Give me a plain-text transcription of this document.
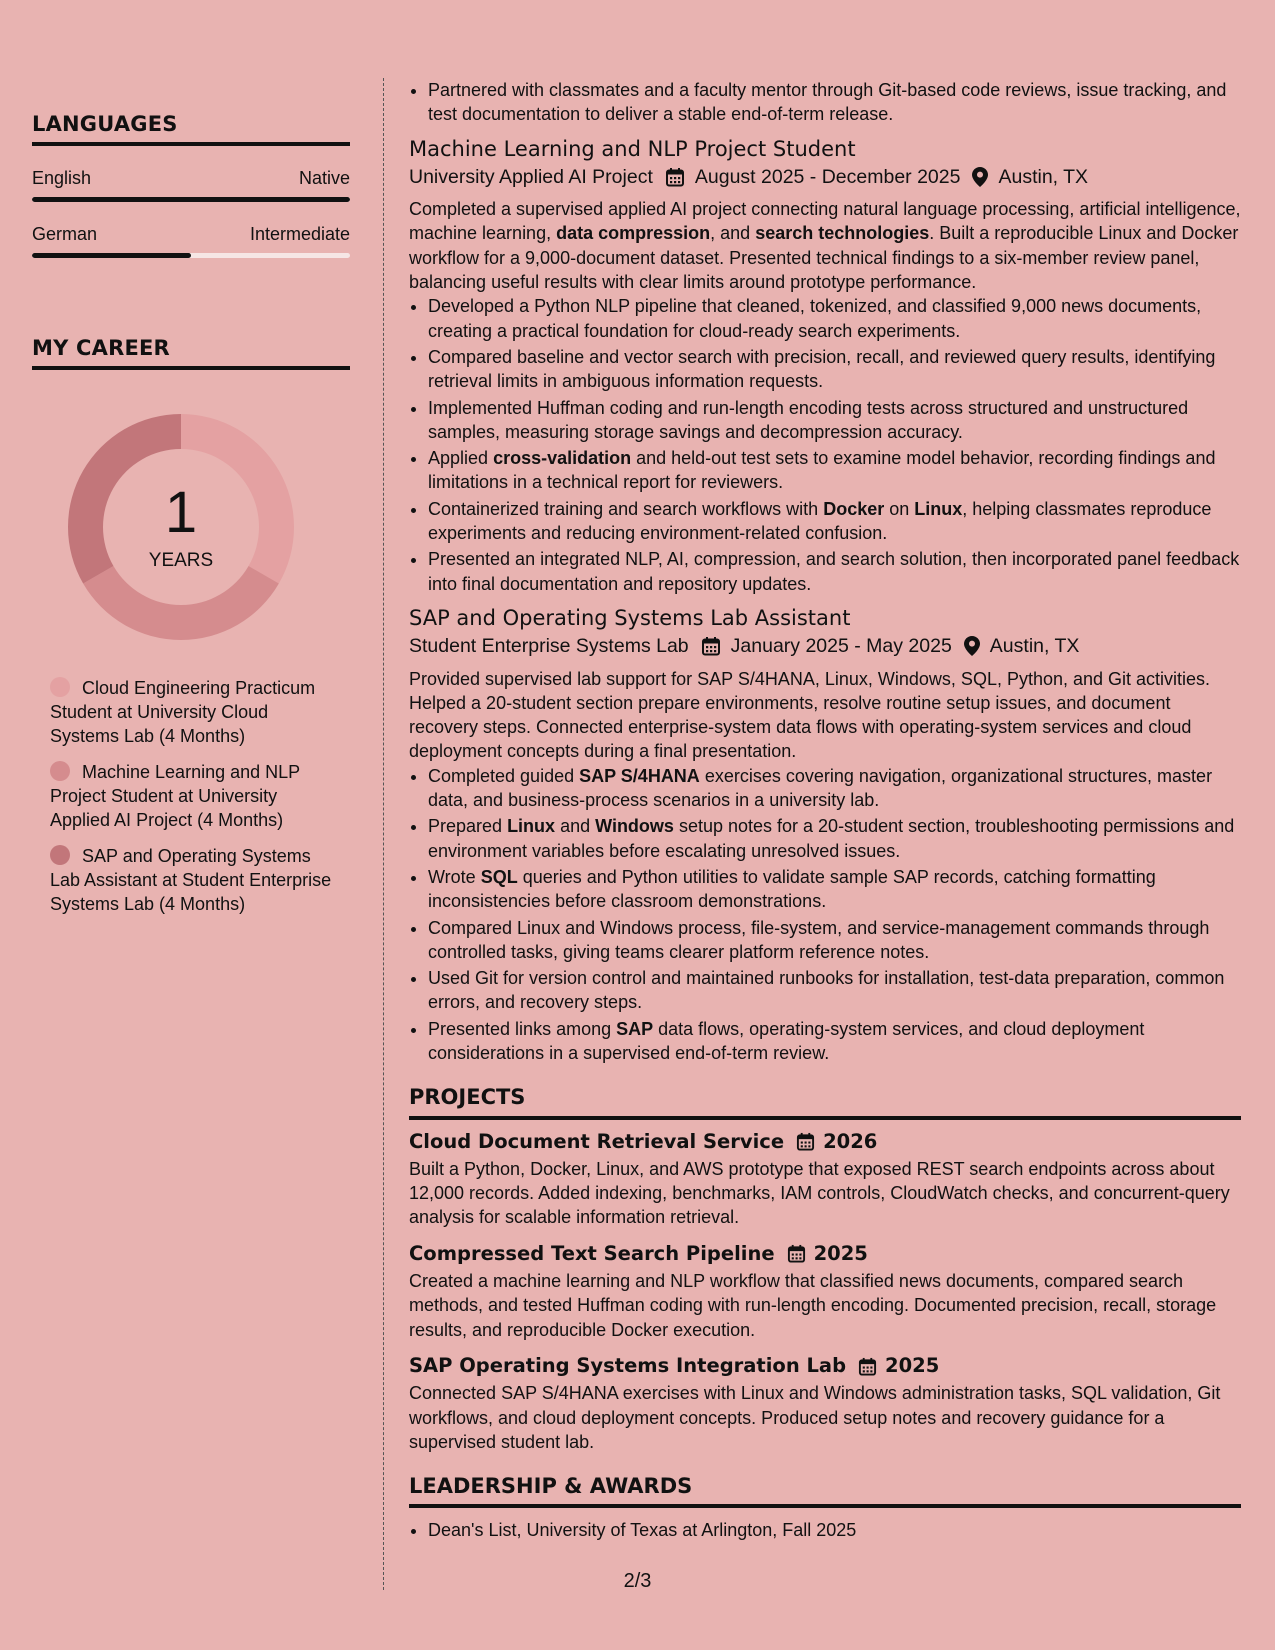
LANGUAGES
English	Native
German	Intermediate
MY CAREER
1
YEARS
Cloud Engineering Practicum Student at University Cloud Systems Lab (4 Months)
Machine Learning and NLP Project Student at University Applied AI Project (4 Months)
SAP and Operating Systems Lab Assistant at Student Enterprise Systems Lab (4 Months)
• Partnered with classmates and a faculty mentor through Git-based code reviews, issue tracking, and test documentation to deliver a stable end-of-term release.
Machine Learning and NLP Project Student
University Applied AI Project August 2025 - December 2025 Austin, TX

Completed a supervised applied AI project connecting natural language processing, artificial intelligence, machine learning, data compression, and search technologies. Built a reproducible Linux and Docker workflow for a 9,000-document dataset. Presented technical findings to a six-member review panel, balancing useful results with clear limits around prototype performance.

• Developed a Python NLP pipeline that cleaned, tokenized, and classified 9,000 news documents, creating a practical foundation for cloud-ready search experiments.
• Compared baseline and vector search with precision, recall, and reviewed query results, identifying retrieval limits in ambiguous information requests.
• Implemented Huffman coding and run-length encoding tests across structured and unstructured samples, measuring storage savings and decompression accuracy.
• Applied cross-validation and held-out test sets to examine model behavior, recording findings and limitations in a technical report for reviewers.
• Containerized training and search workflows with Docker on Linux, helping classmates reproduce experiments and reducing environment-related confusion.
• Presented an integrated NLP, AI, compression, and search solution, then incorporated panel feedback into final documentation and repository updates.
SAP and Operating Systems Lab Assistant
Student Enterprise Systems Lab January 2025 - May 2025 Austin, TX

Provided supervised lab support for SAP S/4HANA, Linux, Windows, SQL, Python, and Git activities. Helped a 20-student section prepare environments, resolve routine setup issues, and document recovery steps. Connected enterprise-system data flows with operating-system services and cloud deployment concepts during a final presentation.

• Completed guided SAP S/4HANA exercises covering navigation, organizational structures, master data, and business-process scenarios in a university lab.
• Prepared Linux and Windows setup notes for a 20-student section, troubleshooting permissions and environment variables before escalating unresolved issues.
• Wrote SQL queries and Python utilities to validate sample SAP records, catching formatting inconsistencies before classroom demonstrations.
• Compared Linux and Windows process, file-system, and service-management commands through controlled tasks, giving teams clearer platform reference notes.
• Used Git for version control and maintained runbooks for installation, test-data preparation, common errors, and recovery steps.
• Presented links among SAP data flows, operating-system services, and cloud deployment considerations in a supervised end-of-term review.
PROJECTS
Cloud Document Retrieval Service 2026

Built a Python, Docker, Linux, and AWS prototype that exposed REST search endpoints across about 12,000 records. Added indexing, benchmarks, IAM controls, CloudWatch checks, and concurrent-query analysis for scalable information retrieval.

Compressed Text Search Pipeline 2025

Created a machine learning and NLP workflow that classified news documents, compared search methods, and tested Huffman coding with run-length encoding. Documented precision, recall, storage results, and reproducible Docker execution.

SAP Operating Systems Integration Lab 2025

Connected SAP S/4HANA exercises with Linux and Windows administration tasks, SQL validation, Git workflows, and cloud deployment concepts. Produced setup notes and recovery guidance for a supervised student lab.

LEADERSHIP & AWARDS
• Dean's List, University of Texas at Arlington, Fall 2025
2/3
